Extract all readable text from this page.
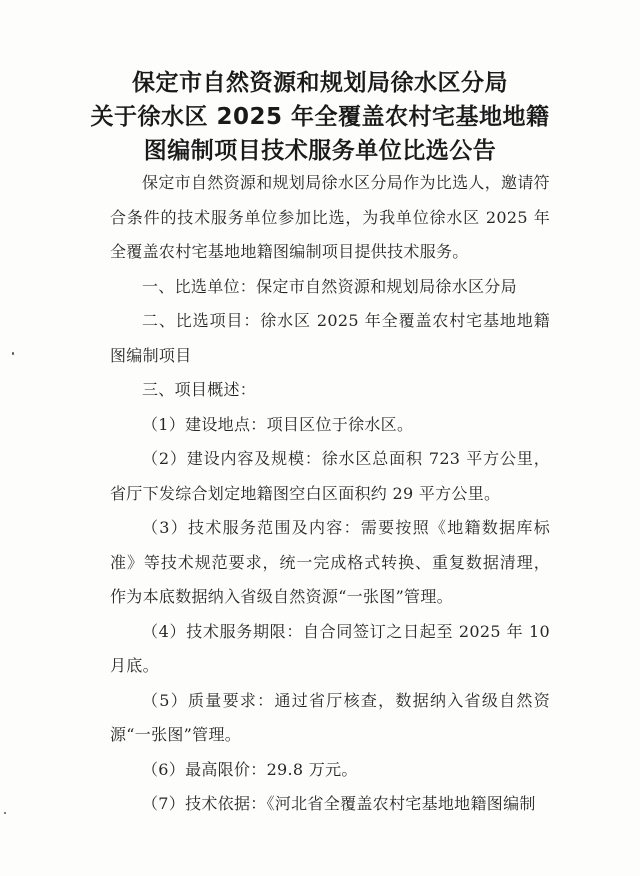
保定市自然资源和规划局徐水区分局
关于徐水区 2025 年全覆盖农村宅基地地籍
图编制项目技术服务单位比选公告

保定市自然资源和规划局徐水区分局作为比选人，邀请符合条件的技术服务单位参加比选，为我单位徐水区 2025 年全覆盖农村宅基地地籍图编制项目提供技术服务。

一、比选单位：保定市自然资源和规划局徐水区分局

二、比选项目：徐水区 2025 年全覆盖农村宅基地地籍图编制项目

三、项目概述：

（1）建设地点：项目区位于徐水区。

（2）建设内容及规模：徐水区总面积 723 平方公里，省厅下发综合划定地籍图空白区面积约 29 平方公里。

（3）技术服务范围及内容：需要按照《地籍数据库标准》等技术规范要求，统一完成格式转换、重复数据清理，作为本底数据纳入省级自然资源“一张图”管理。

（4）技术服务期限：自合同签订之日起至 2025 年 10 月底。

（5）质量要求：通过省厅核查，数据纳入省级自然资源“一张图”管理。

（6）最高限价：29.8 万元。

（7）技术依据：《河北省全覆盖农村宅基地地籍图编制
